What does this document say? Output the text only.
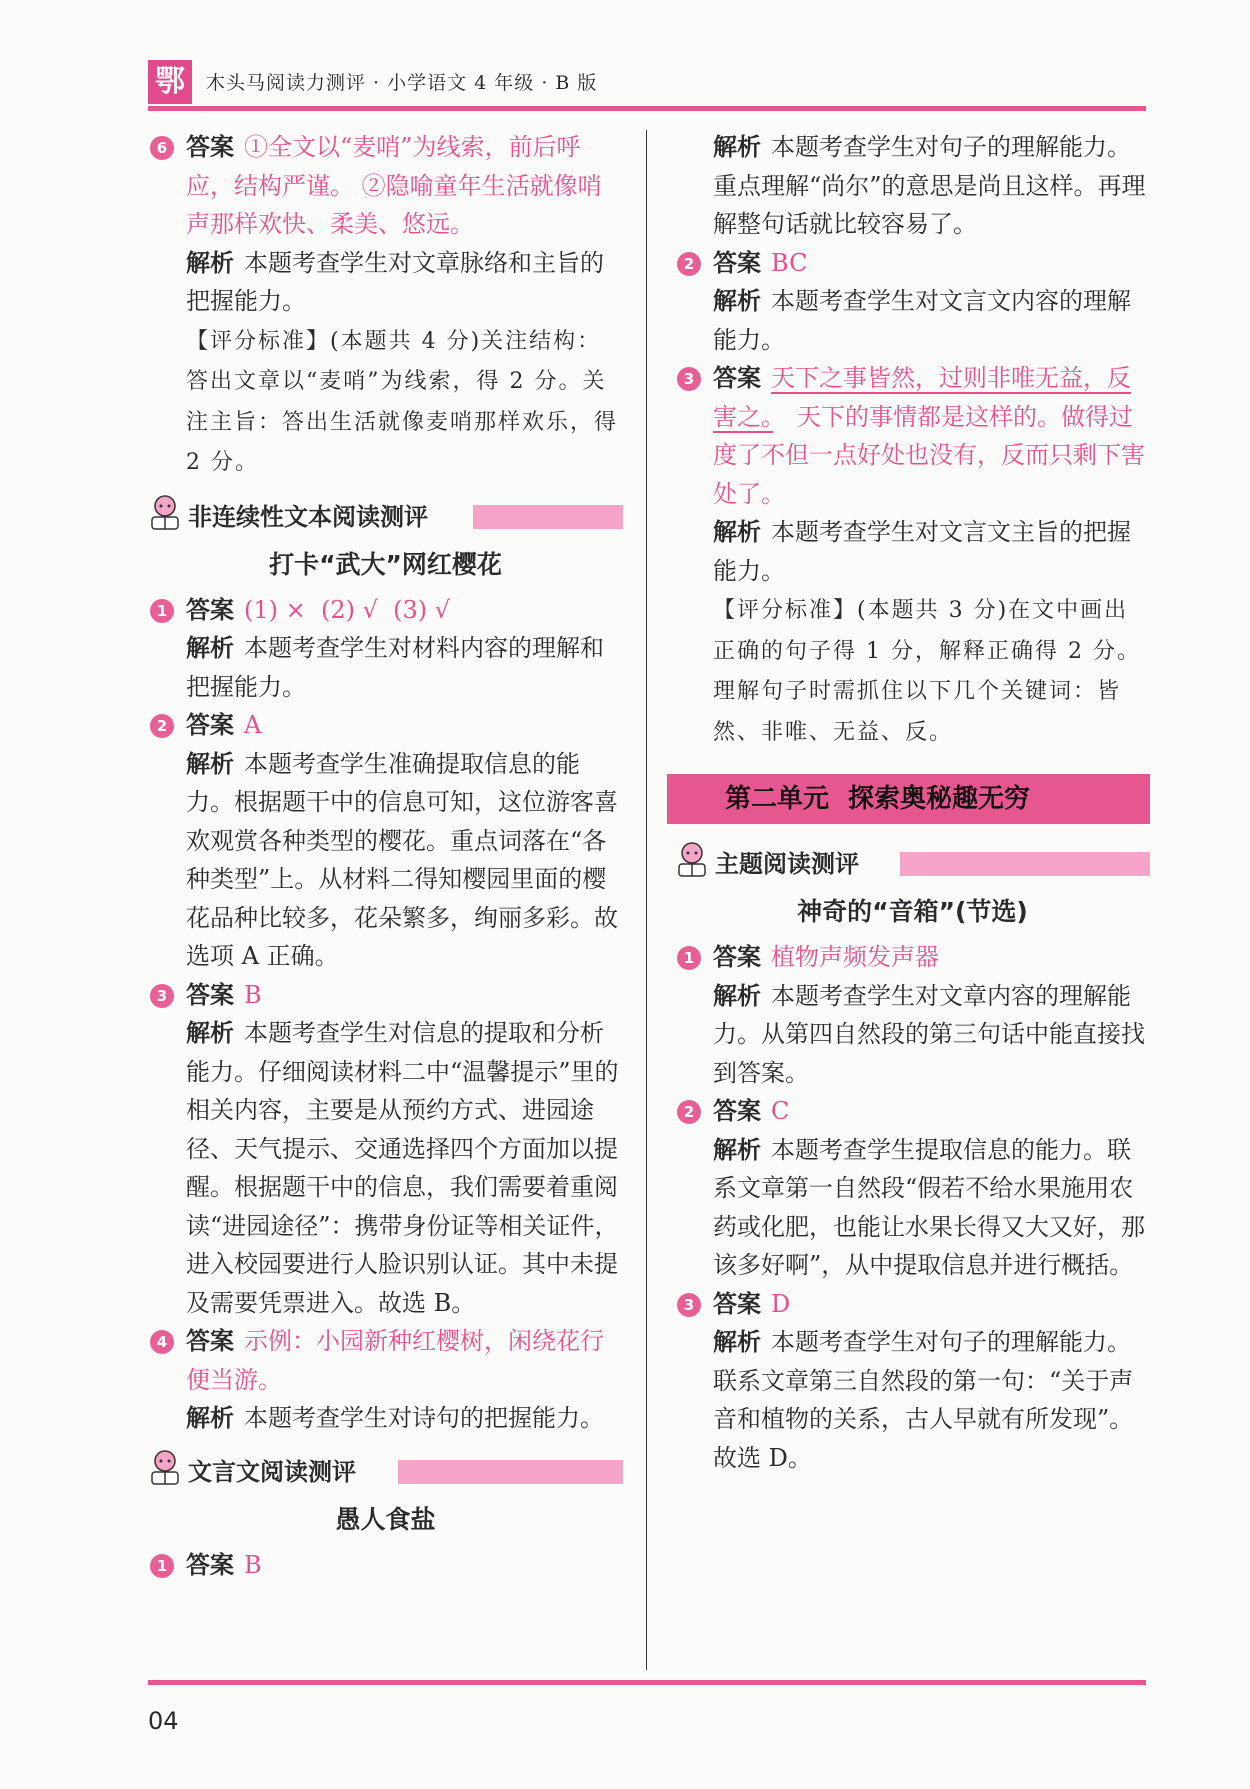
鄂	木头马阅读力测评 · 小学语文 4 年级 · B 版
6 答案 ①全文以“麦哨”为线索，前后呼应，结构严谨。 ②隐喻童年生活就像哨声那样欢快、柔美、悠远。
解析 本题考查学生对文章脉络和主旨的把握能力。
【评分标准】(本题共 4 分)关注结构：答出文章以“麦哨”为线索，得 2 分。关注主旨：答出生活就像麦哨那样欢乐，得 2 分。
非连续性文本阅读测评
打卡“武大”网红樱花
1 答案 (1) ×  (2) √  (3) √
解析 本题考查学生对材料内容的理解和把握能力。
2 答案 A
解析 本题考查学生准确提取信息的能力。根据题干中的信息可知，这位游客喜欢观赏各种类型的樱花。重点词落在“各种类型”上。从材料二得知樱园里面的樱花品种比较多，花朵繁多，绚丽多彩。故选项 A 正确。
3 答案 B
解析 本题考查学生对信息的提取和分析能力。仔细阅读材料二中“温馨提示”里的相关内容，主要是从预约方式、进园途径、天气提示、交通选择四个方面加以提醒。根据题干中的信息，我们需要着重阅读“进园途径”：携带身份证等相关证件，进入校园要进行人脸识别认证。其中未提及需要凭票进入。故选 B。
4 答案 示例：小园新种红樱树，闲绕花行便当游。
解析 本题考查学生对诗句的把握能力。
文言文阅读测评
愚人食盐
1 答案 B
解析 本题考查学生对句子的理解能力。重点理解“尚尔”的意思是尚且这样。再理解整句话就比较容易了。
2 答案 BC
解析 本题考查学生对文言文内容的理解能力。
3 答案 天下之事皆然，过则非唯无益，反害之。　 天下的事情都是这样的。做得过度了不但一点好处也没有，反而只剩下害处了。
解析 本题考查学生对文言文主旨的把握能力。
【评分标准】(本题共 3 分)在文中画出正确的句子得 1 分，解释正确得 2 分。理解句子时需抓住以下几个关键词：皆然、非唯、无益、反。
第二单元 探索奥秘趣无穷
主题阅读测评
神奇的“音箱”(节选)
1 答案 植物声频发声器
解析 本题考查学生对文章内容的理解能力。从第四自然段的第三句话中能直接找到答案。
2 答案 C
解析 本题考查学生提取信息的能力。联系文章第一自然段“假若不给水果施用农药或化肥，也能让水果长得又大又好，那该多好啊”，从中提取信息并进行概括。
3 答案 D
解析 本题考查学生对句子的理解能力。联系文章第三自然段的第一句：“关于声音和植物的关系，古人早就有所发现”。故选 D。
04
